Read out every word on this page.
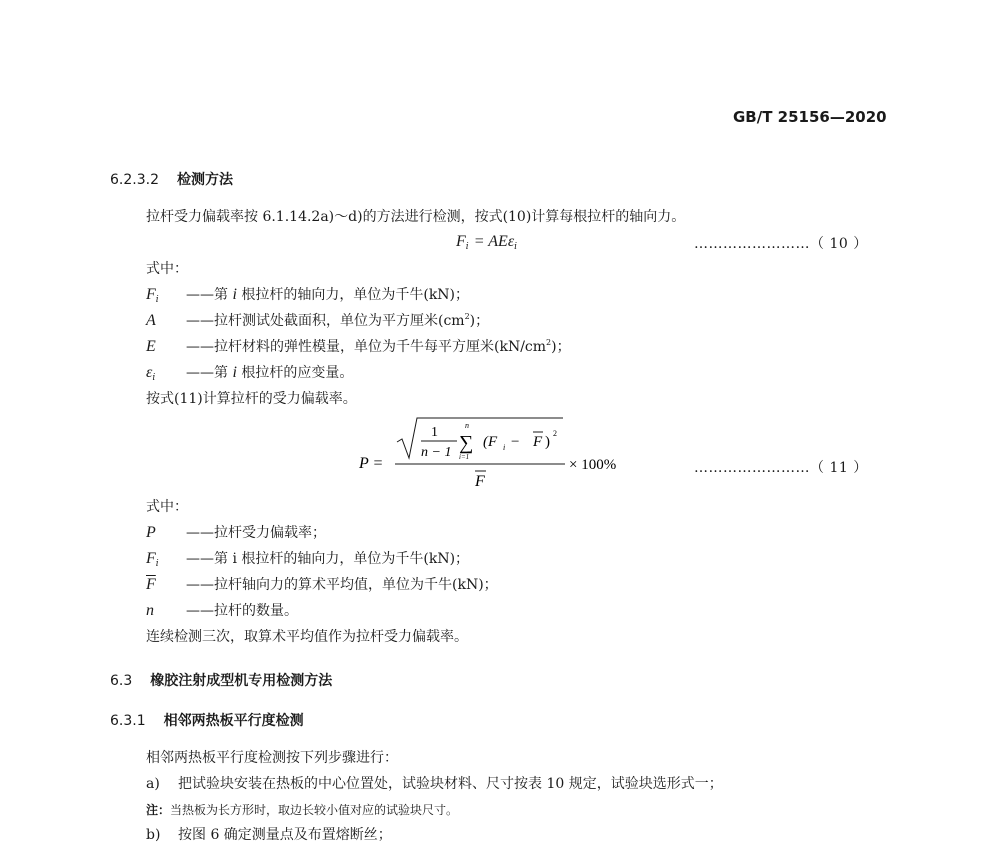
GB/T 25156—2020
6.2.3.2 检测方法
拉杆受力偏载率按 6.1.14.2a)～d)的方法进行检测，按式(10)计算每根拉杆的轴向力。
$F_i = AE\varepsilon_i$	……………………（ 10 ）
式中：
$F_i$ ——第 i 根拉杆的轴向力，单位为千牛(kN)；
A ——拉杆测试处截面积，单位为平方厘米$(cm^2)$；
E ——拉杆材料的弹性模量，单位为千牛每平方厘米$(kN/cm^2)$；
$\varepsilon_i$ ——第 i 根拉杆的应变量。
按式(11)计算拉杆的受力偏载率。
P =
1
n − 1
n
∑
i=1
(F i − F )
2
F
× 100%	……………………（ 11 ）
式中：
P ——拉杆受力偏载率；
$F_i$ ——第 i 根拉杆的轴向力，单位为千牛(kN)；
$\overline{F}$ ——拉杆轴向力的算术平均值，单位为千牛(kN)；
n ——拉杆的数量。
连续检测三次，取算术平均值作为拉杆受力偏载率。
6.3 橡胶注射成型机专用检测方法
6.3.1 相邻两热板平行度检测
相邻两热板平行度检测按下列步骤进行：
a) 把试验块安装在热板的中心位置处，试验块材料、尺寸按表 10 规定，试验块选形式一；
注：当热板为长方形时，取边长较小值对应的试验块尺寸。
b) 按图 6 确定测量点及布置熔断丝；
